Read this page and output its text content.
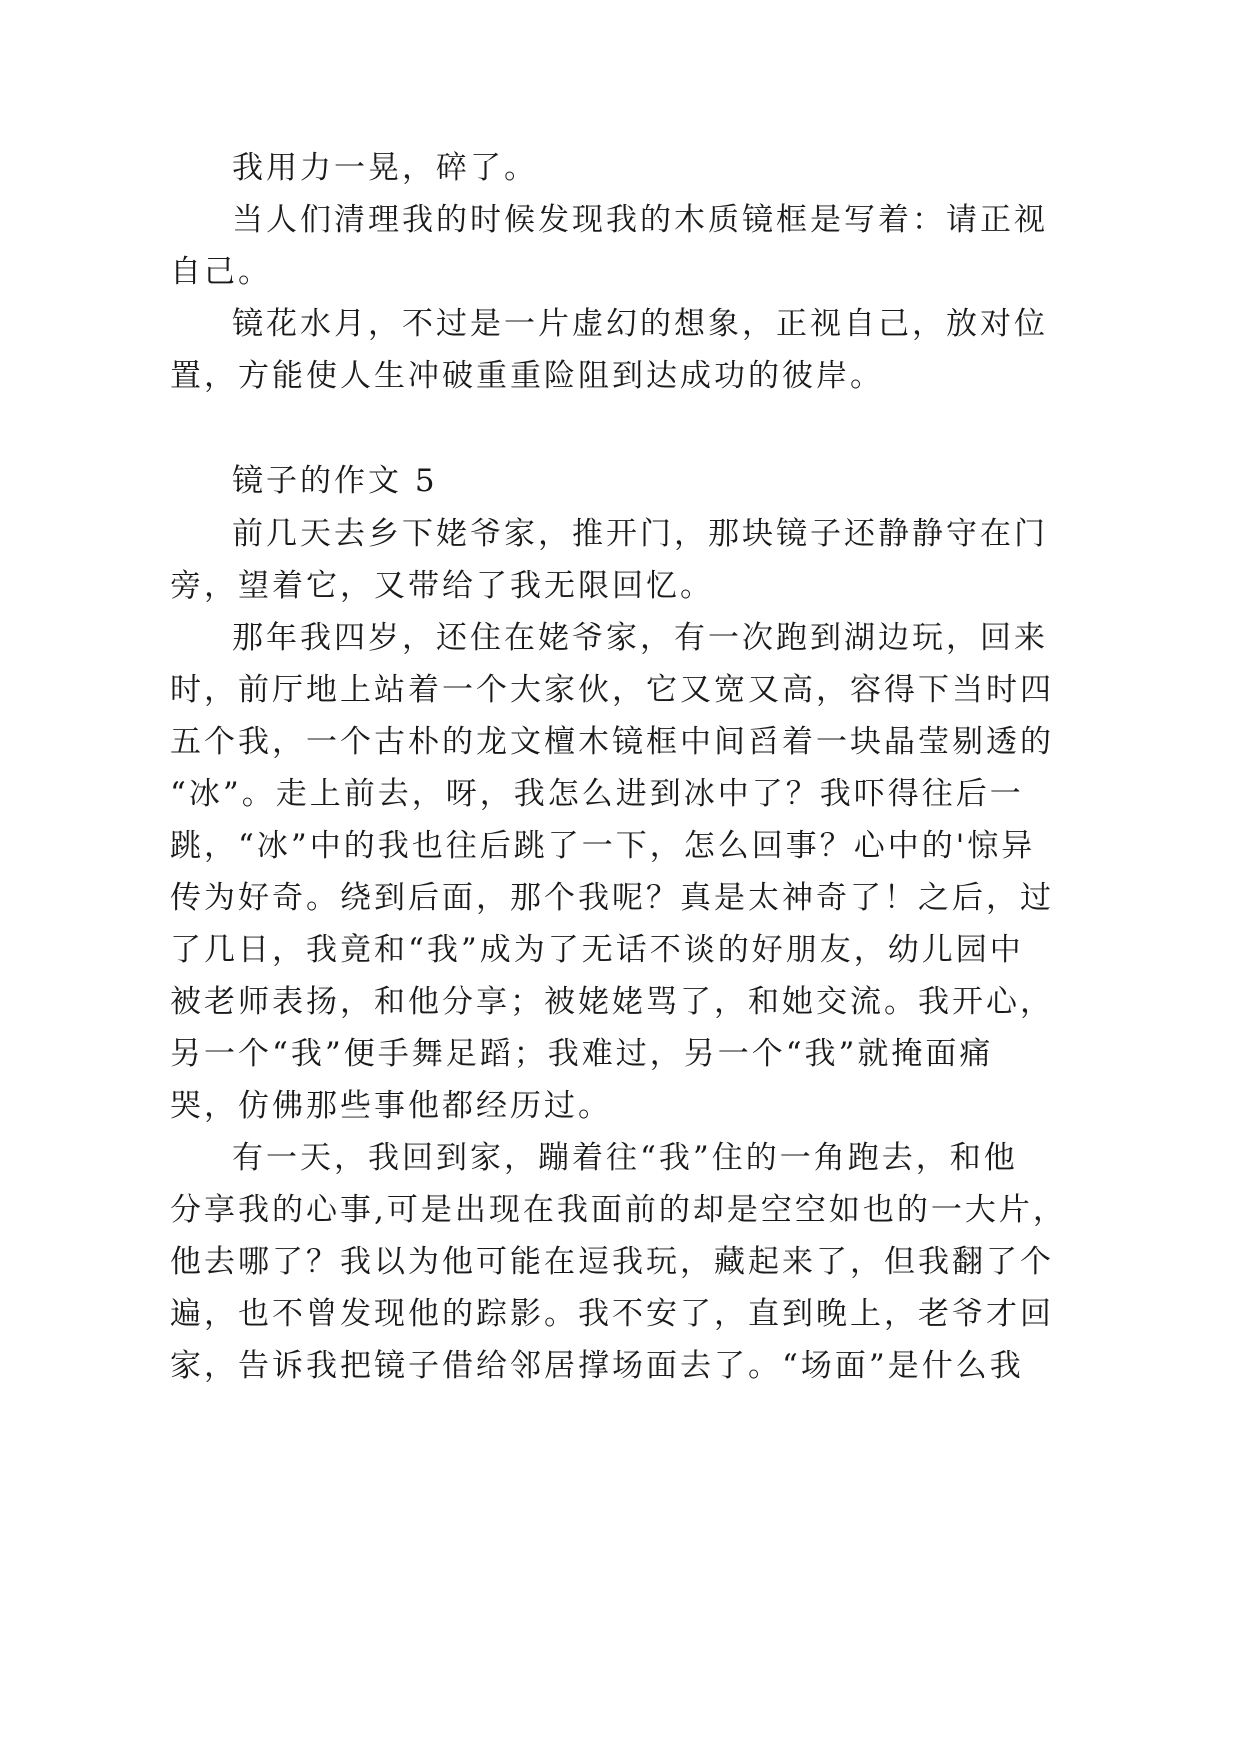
我用力一晃，碎了。
当人们清理我的时候发现我的木质镜框是写着：请正视
自己。
镜花水月，不过是一片虚幻的想象，正视自己，放对位
置，方能使人生冲破重重险阻到达成功的彼岸。
镜子的作文 5
前几天去乡下姥爷家，推开门，那块镜子还静静守在门
旁，望着它，又带给了我无限回忆。
那年我四岁，还住在姥爷家，有一次跑到湖边玩，回来
时，前厅地上站着一个大家伙，它又宽又高，容得下当时四
五个我，一个古朴的龙文檀木镜框中间舀着一块晶莹剔透的
“冰”。走上前去，呀，我怎么进到冰中了？我吓得往后一
跳，“冰”中的我也往后跳了一下，怎么回事？心中的'惊异
传为好奇。绕到后面，那个我呢？真是太神奇了！之后，过
了几日，我竟和“我”成为了无话不谈的好朋友，幼儿园中
被老师表扬，和他分享；被姥姥骂了，和她交流。我开心，
另一个“我”便手舞足蹈；我难过，另一个“我”就掩面痛
哭，仿佛那些事他都经历过。
有一天，我回到家，蹦着往“我”住的一角跑去，和他
分享我的心事,可是出现在我面前的却是空空如也的一大片，
他去哪了？我以为他可能在逗我玩，藏起来了，但我翻了个
遍，也不曾发现他的踪影。我不安了，直到晚上，老爷才回
家，告诉我把镜子借给邻居撑场面去了。“场面”是什么我
